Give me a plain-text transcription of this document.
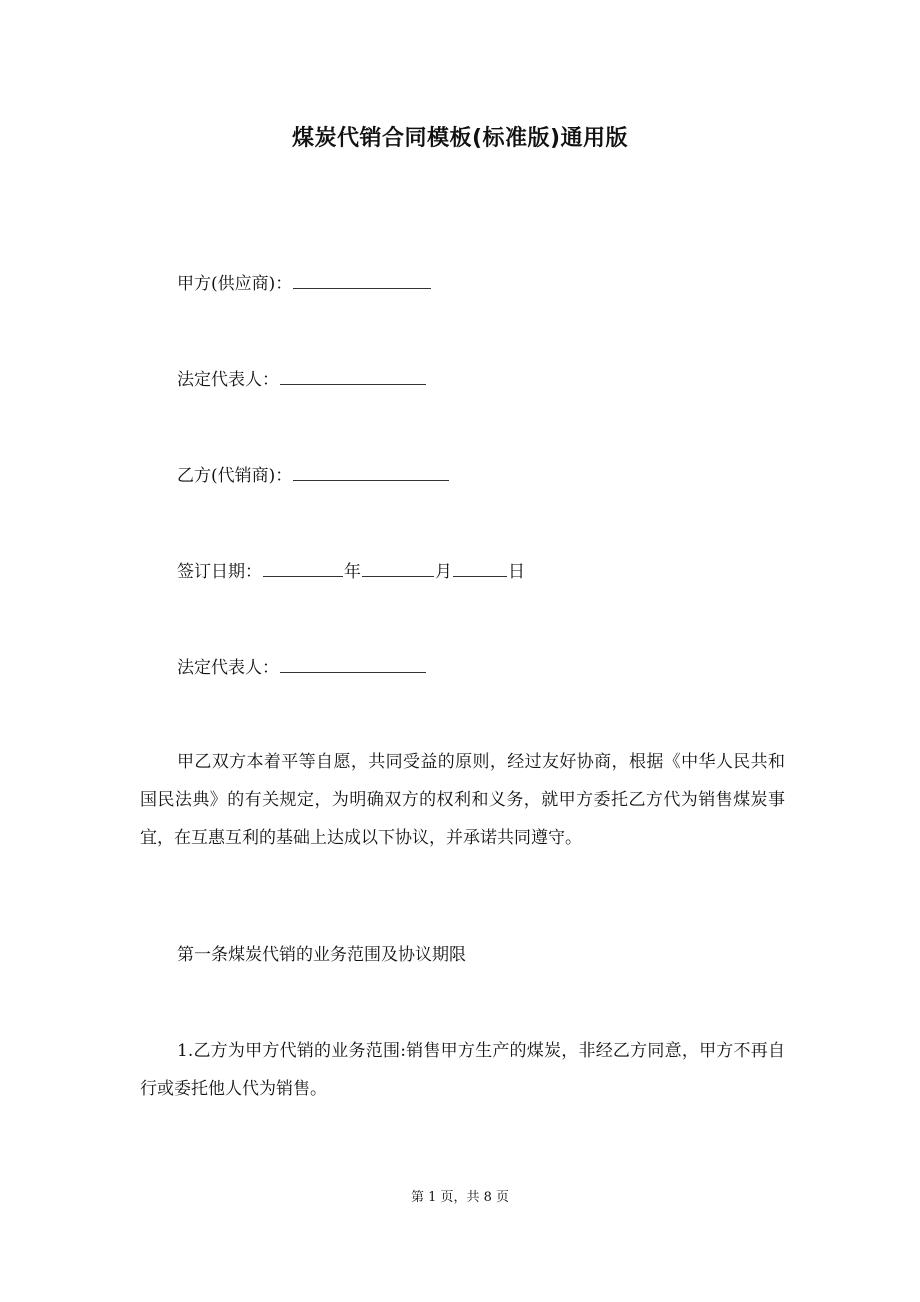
煤炭代销合同模板(标准版)通用版
甲方(供应商)：
法定代表人：
乙方(代销商)：
签订日期：	年	月	日
法定代表人：

甲乙双方本着平等自愿，共同受益的原则，经过友好协商，根据《中华人民共和国民法典》的有关规定，为明确双方的权利和义务，就甲方委托乙方代为销售煤炭事宜，在互惠互利的基础上达成以下协议，并承诺共同遵守。

第一条煤炭代销的业务范围及协议期限

1.乙方为甲方代销的业务范围:销售甲方生产的煤炭，非经乙方同意，甲方不再自行或委托他人代为销售。

第 1 页，共 8 页
